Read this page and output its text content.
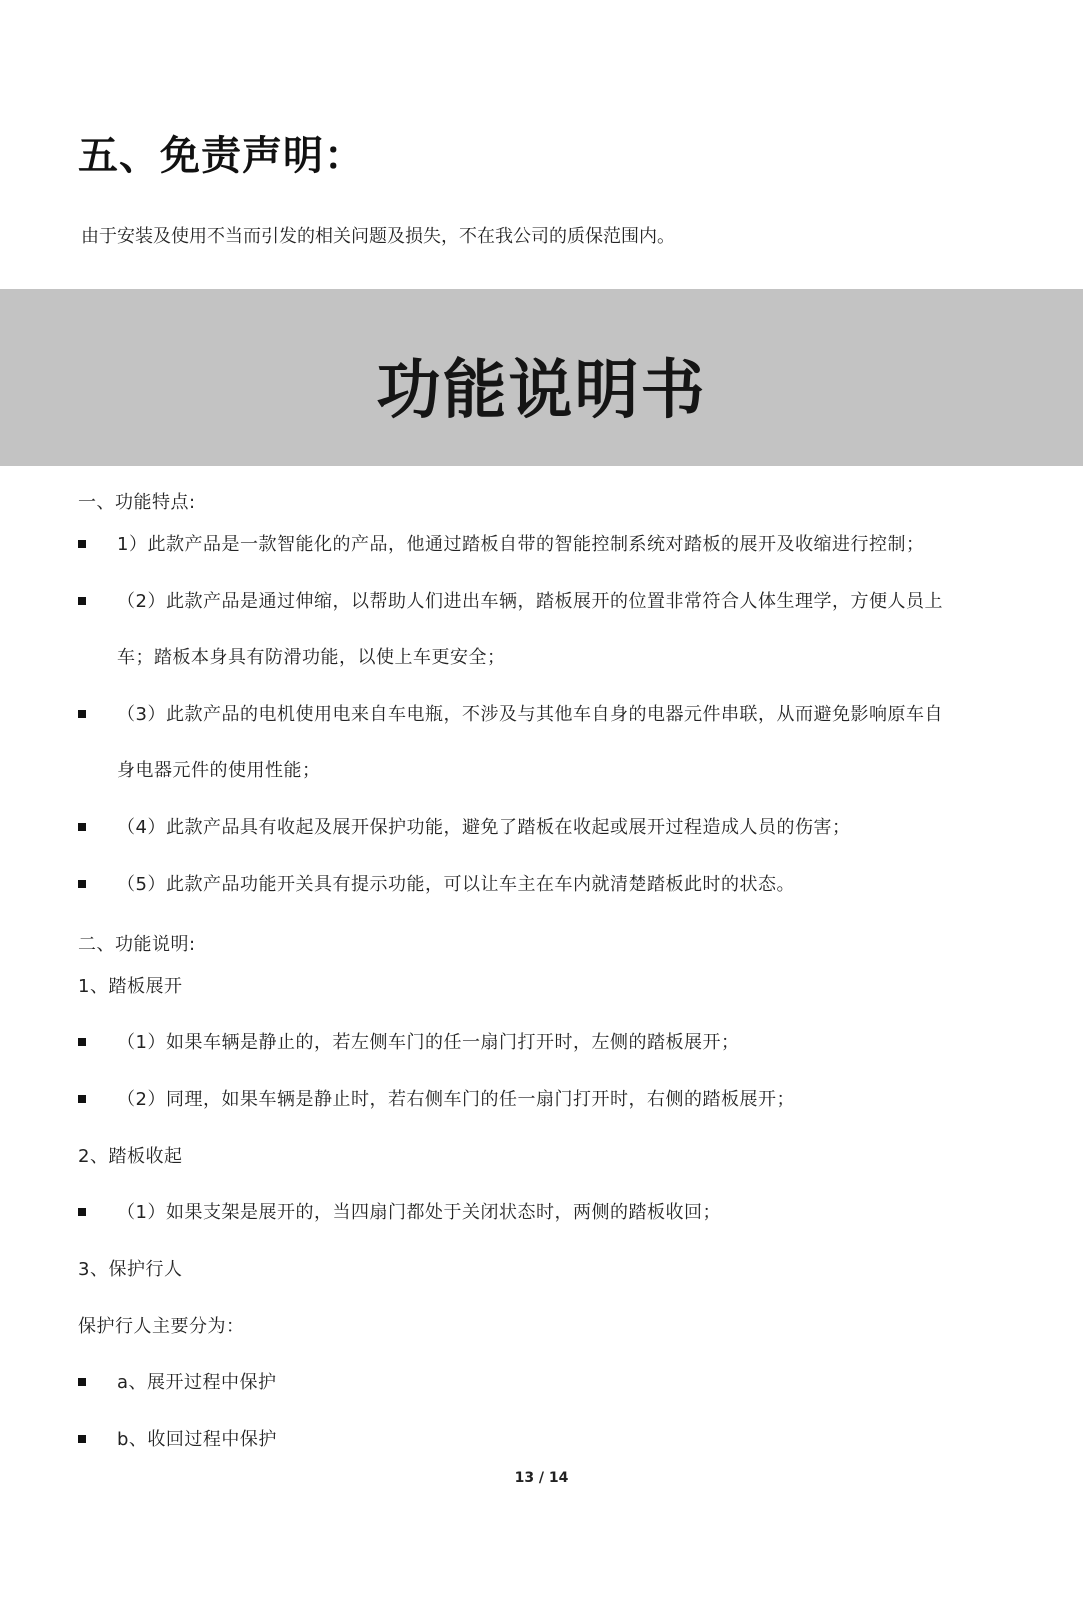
五、免责声明：
由于安装及使用不当而引发的相关问题及损失，不在我公司的质保范围内。
功能说明书
一、功能特点:
1）此款产品是一款智能化的产品，他通过踏板自带的智能控制系统对踏板的展开及收缩进行控制；
（2）此款产品是通过伸缩，以帮助人们进出车辆，踏板展开的位置非常符合人体生理学，方便人员上
车；踏板本身具有防滑功能，以使上车更安全；
（3）此款产品的电机使用电来自车电瓶，不涉及与其他车自身的电器元件串联，从而避免影响原车自
身电器元件的使用性能；
（4）此款产品具有收起及展开保护功能，避免了踏板在收起或展开过程造成人员的伤害；
（5）此款产品功能开关具有提示功能，可以让车主在车内就清楚踏板此时的状态。
二、功能说明:
1、踏板展开
（1）如果车辆是静止的，若左侧车门的任一扇门打开时，左侧的踏板展开；
（2）同理，如果车辆是静止时，若右侧车门的任一扇门打开时，右侧的踏板展开；
2、踏板收起
（1）如果支架是展开的，当四扇门都处于关闭状态时，两侧的踏板收回；
3、保护行人
保护行人主要分为：
a、展开过程中保护
b、收回过程中保护
13 / 14
